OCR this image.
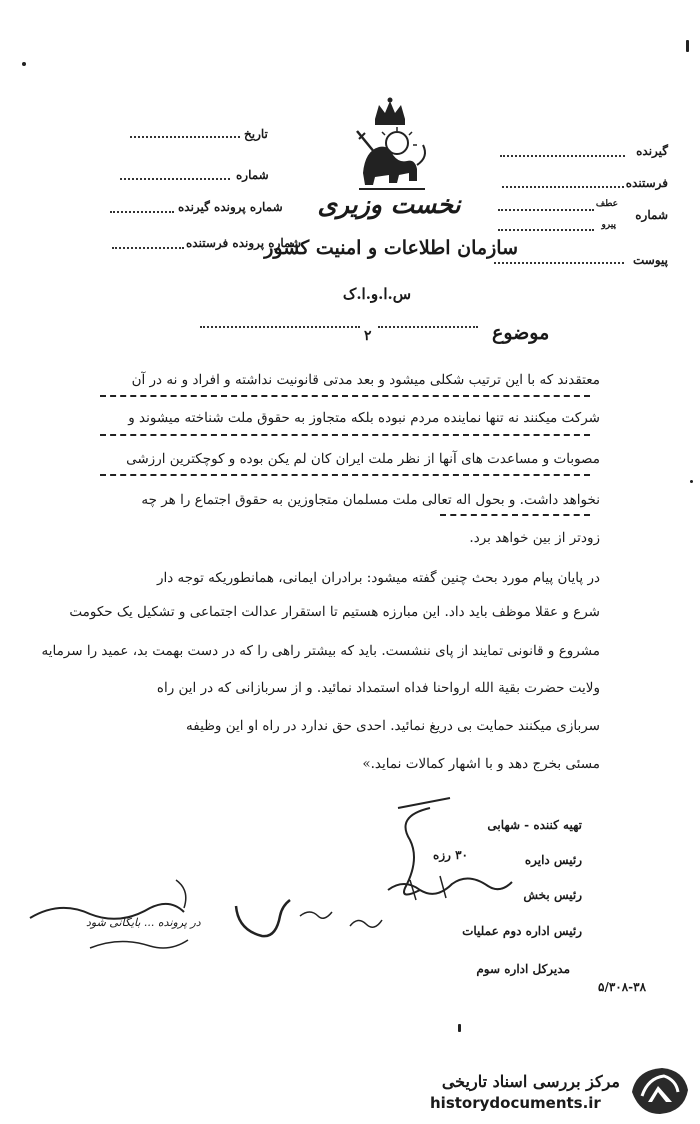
گیرنده
فرستنده
شماره
عطف
پیرو
پیوست
تاریخ
شماره
شماره پرونده گیرنده
شماره پرونده فرستنده
نخست وزیری
سازمان اطلاعات و امنیت کشور
س.ا.و.ا.ک
۲	موضوع
معتقدند که با این ترتیب شکلی میشود و بعد مدتی قانونیت نداشته و افراد و نه در آن
شرکت میکنند نه تنها نماینده مردم نبوده بلکه متجاوز به حقوق ملت شناخته میشوند و
مصوبات و مساعدت های آنها از نظر ملت ایران کان لم یکن بوده و کوچکترین ارزشی
نخواهد داشت. و بحول اله تعالی ملت مسلمان متجاوزین به حقوق اجتماع را هر چه
زودتر از بین خواهد برد.
در پایان پیام مورد بحث چنین گفته میشود: برادران ایمانی، همانطوریکه توجه دار
شرع و عقلا موظف باید داد. این مبارزه هستیم تا استقرار عدالت اجتماعی و تشکیل یک حکومت
مشروع و قانونی تمایند از پای ننشست. باید که بیشتر راهی را که در دست بهمت بد، عمید را سرمایه
ولایت حضرت بقیة الله ارواحنا فداه استمداد نمائید. و از سربازانی که در این راه
سربازی میکنند حمایت بی دریغ نمائید. احدی حق ندارد در راه او این وظیفه
مسئی بخرج دهد و با اشهار کمالات نماید.»
تهیه کننده - شهابی
رئیس دایره
۳۰ رزه
رئیس بخش
رئیس اداره دوم عملیات
مدیرکل اداره سوم
۵/۳۰۸-۳۸
در پرونده ... بایگانی شود
مرکز بررسی اسناد تاریخی
historydocuments.ir
